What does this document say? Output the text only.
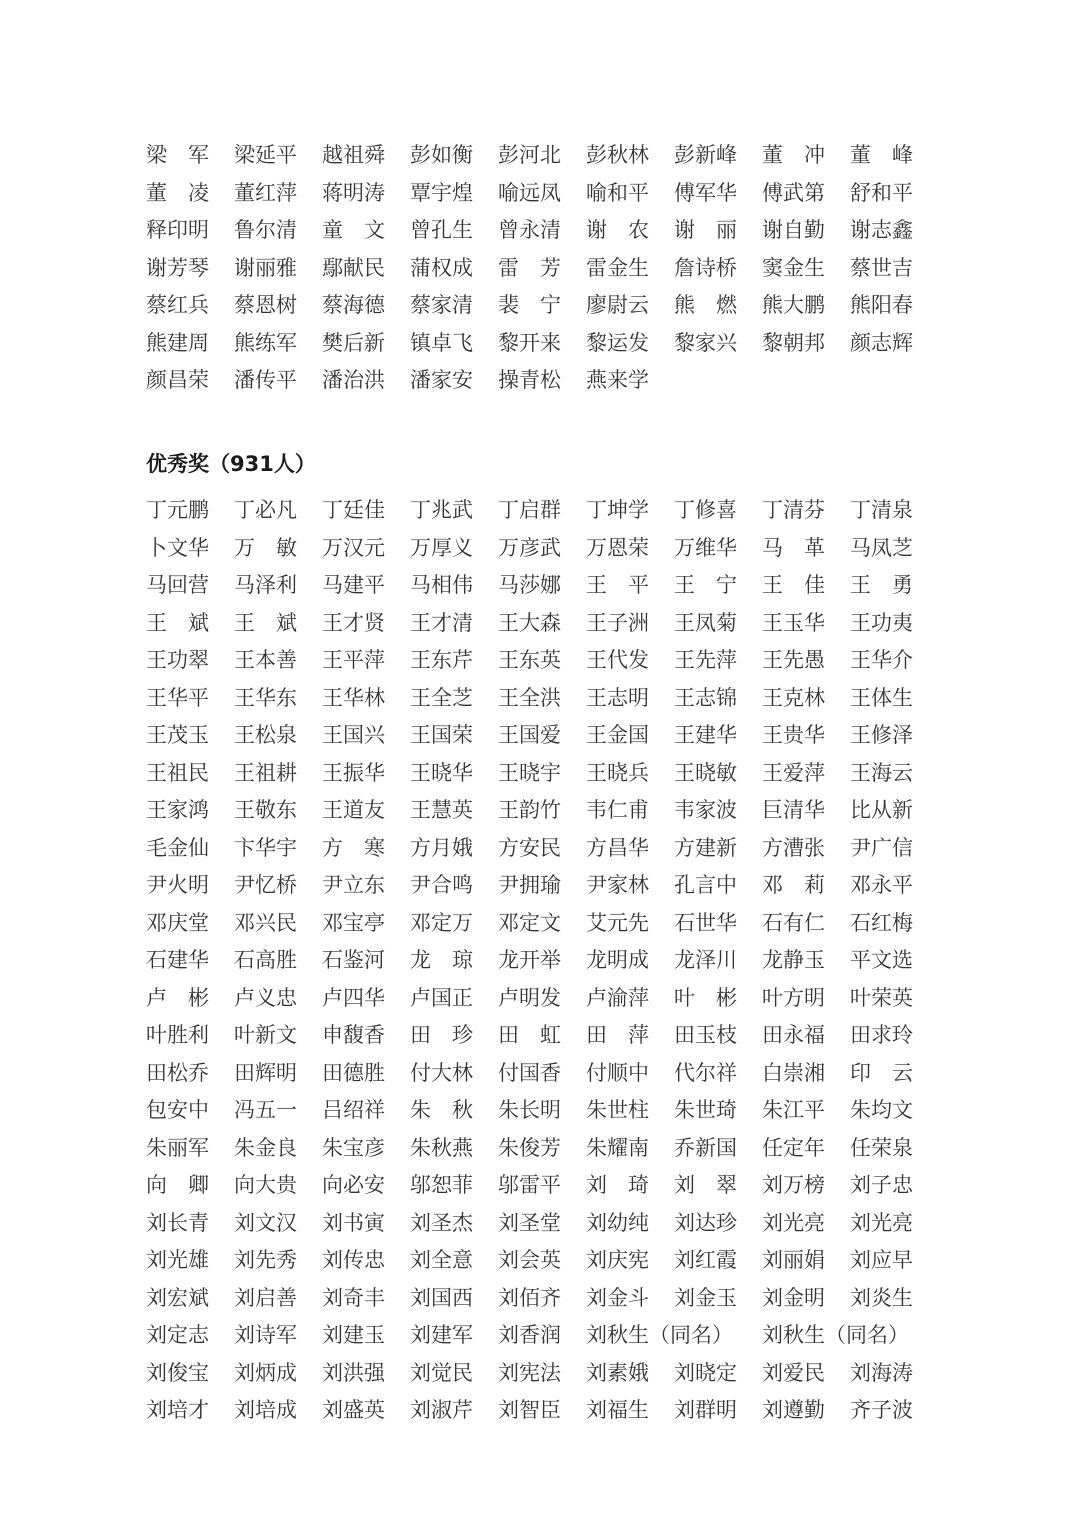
梁　军	梁延平	越祖舜	彭如衡	彭河北	彭秋林	彭新峰	董　冲	董　峰
董　凌	董红萍	蒋明涛	覃宇煌	喻远凤	喻和平	傅军华	傅武第	舒和平
释印明	鲁尔清	童　文	曾孔生	曾永清	谢　农	谢　丽	谢自勤	谢志鑫
谢芳琴	谢丽雅	鄢献民	蒲权成	雷　芳	雷金生	詹诗桥	窦金生	蔡世吉
蔡红兵	蔡恩树	蔡海德	蔡家清	裴　宁	廖尉云	熊　燃	熊大鹏	熊阳春
熊建周	熊练军	樊后新	镇卓飞	黎开来	黎运发	黎家兴	黎朝邦	颜志辉
颜昌荣	潘传平	潘治洪	潘家安	操青松	燕来学
优秀奖（931人）
丁元鹏	丁必凡	丁廷佳	丁兆武	丁启群	丁坤学	丁修喜	丁清芬	丁清泉
卜文华	万　敏	万汉元	万厚义	万彦武	万恩荣	万维华	马　革	马凤芝
马回营	马泽利	马建平	马相伟	马莎娜	王　平	王　宁	王　佳	王　勇
王　斌	王　斌	王才贤	王才清	王大森	王子洲	王凤菊	王玉华	王功夷
王功翠	王本善	王平萍	王东芹	王东英	王代发	王先萍	王先愚	王华介
王华平	王华东	王华林	王全芝	王全洪	王志明	王志锦	王克林	王体生
王茂玉	王松泉	王国兴	王国荣	王国爱	王金国	王建华	王贵华	王修泽
王祖民	王祖耕	王振华	王晓华	王晓宇	王晓兵	王晓敏	王爱萍	王海云
王家鸿	王敬东	王道友	王慧英	王韵竹	韦仁甫	韦家波	巨清华	比从新
毛金仙	卞华宇	方　寒	方月娥	方安民	方昌华	方建新	方漕张	尹广信
尹火明	尹忆桥	尹立东	尹合鸣	尹拥瑜	尹家林	孔言中	邓　莉	邓永平
邓庆堂	邓兴民	邓宝亭	邓定万	邓定文	艾元先	石世华	石有仁	石红梅
石建华	石高胜	石鉴河	龙　琼	龙开举	龙明成	龙泽川	龙静玉	平文选
卢　彬	卢义忠	卢四华	卢国正	卢明发	卢渝萍	叶　彬	叶方明	叶荣英
叶胜利	叶新文	申馥香	田　珍	田　虹	田　萍	田玉枝	田永福	田求玲
田松乔	田辉明	田德胜	付大林	付国香	付顺中	代尔祥	白崇湘	印　云
包安中	冯五一	吕绍祥	朱　秋	朱长明	朱世柱	朱世琦	朱江平	朱均文
朱丽军	朱金良	朱宝彦	朱秋燕	朱俊芳	朱耀南	乔新国	任定年	任荣泉
向　卿	向大贵	向必安	邬恕菲	邬雷平	刘　琦	刘　翠	刘万榜	刘子忠
刘长青	刘文汉	刘书寅	刘圣杰	刘圣堂	刘幼纯	刘达珍	刘光亮	刘光亮
刘光雄	刘先秀	刘传忠	刘全意	刘会英	刘庆宪	刘红霞	刘丽娟	刘应早
刘宏斌	刘启善	刘奇丰	刘国西	刘佰齐	刘金斗	刘金玉	刘金明	刘炎生
刘定志	刘诗军	刘建玉	刘建军	刘香润	刘秋生（同名）	刘秋生（同名）
刘俊宝	刘炳成	刘洪强	刘觉民	刘宪法	刘素娥	刘晓定	刘爱民	刘海涛
刘培才	刘培成	刘盛英	刘淑芹	刘智臣	刘福生	刘群明	刘遵勤	齐子波
